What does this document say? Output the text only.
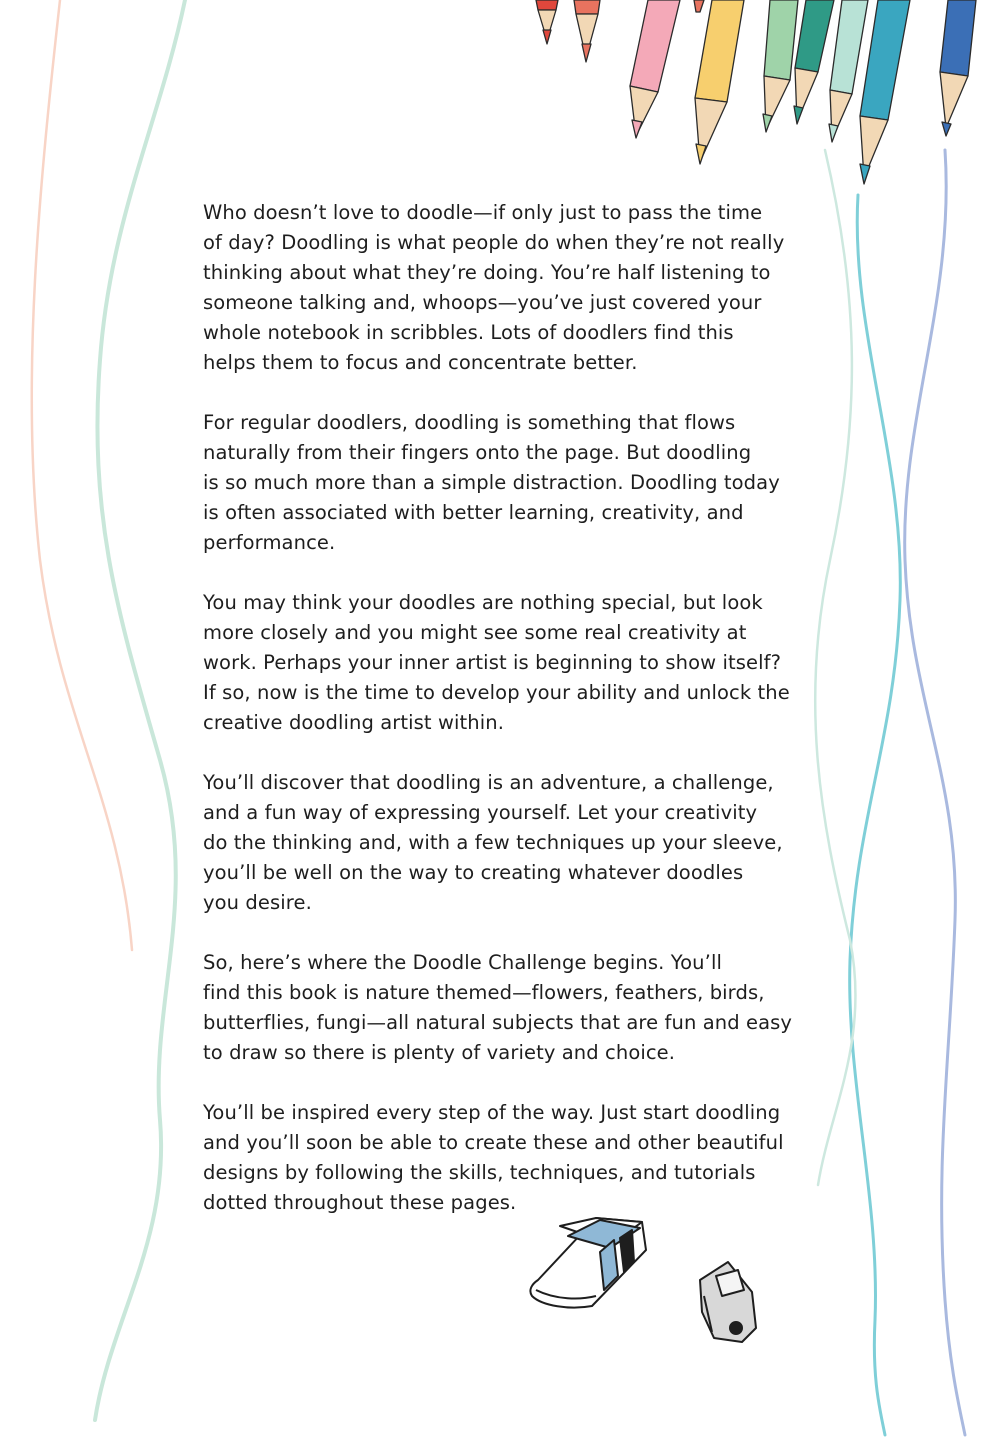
Who doesn’t love to doodle—if only just to pass the time
of day? Doodling is what people do when they’re not really
thinking about what they’re doing. You’re half listening to
someone talking and, whoops—you’ve just covered your
whole notebook in scribbles. Lots of doodlers find this
helps them to focus and concentrate better.

For regular doodlers, doodling is something that flows
naturally from their fingers onto the page. But doodling
is so much more than a simple distraction. Doodling today
is often associated with better learning, creativity, and
performance.

You may think your doodles are nothing special, but look
more closely and you might see some real creativity at
work. Perhaps your inner artist is beginning to show itself?
If so, now is the time to develop your ability and unlock the
creative doodling artist within.

You’ll discover that doodling is an adventure, a challenge,
and a fun way of expressing yourself. Let your creativity
do the thinking and, with a few techniques up your sleeve,
you’ll be well on the way to creating whatever doodles
you desire.

So, here’s where the Doodle Challenge begins. You’ll
find this book is nature themed—flowers, feathers, birds,
butterflies, fungi—all natural subjects that are fun and easy
to draw so there is plenty of variety and choice.

You’ll be inspired every step of the way. Just start doodling
and you’ll soon be able to create these and other beautiful
designs by following the skills, techniques, and tutorials
dotted throughout these pages.
